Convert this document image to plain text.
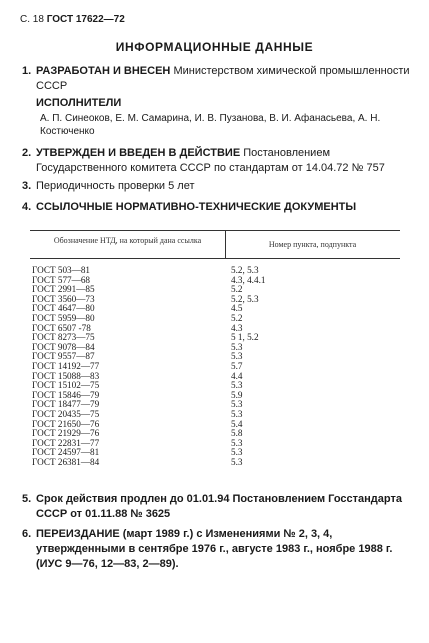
С. 18 ГОСТ 17622—72
ИНФОРМАЦИОННЫЕ ДАННЫЕ
1. РАЗРАБОТАН И ВНЕСЕН Министерством химической промышленности СССР
ИСПОЛНИТЕЛИ
А. П. Синеоков, Е. М. Самарина, И. В. Пузанова, В. И. Афанасьева, А. Н. Костюченко
2. УТВЕРЖДЕН И ВВЕДЕН В ДЕЙСТВИЕ Постановлением Государственного комитета СССР по стандартам от 14.04.72 № 757
3. Периодичность проверки 5 лет
4. ССЫЛОЧНЫЕ НОРМАТИВНО-ТЕХНИЧЕСКИЕ ДОКУМЕНТЫ
Обозначение НТД, на который дана ссылка	Номер пункта, подпункта
ГОСТ 503—81	5.2, 5.3
ГОСТ 577—68	4.3, 4.4.1
ГОСТ 2991—85	5.2
ГОСТ 3560—73	5.2, 5.3
ГОСТ 4647—80	4.5
ГОСТ 5959—80	5.2
ГОСТ 6507 -78	4.3
ГОСТ 8273—75	5 1, 5.2
ГОСТ 9078—84	5.3
ГОСТ 9557—87	5.3
ГОСТ 14192—77	5.7
ГОСТ 15088—83	4.4
ГОСТ 15102—75	5.3
ГОСТ 15846—79	5.9
ГОСТ 18477—79	5.3
ГОСТ 20435—75	5.3
ГОСТ 21650—76	5.4
ГОСТ 21929—76	5.8
ГОСТ 22831—77	5.3
ГОСТ 24597—81	5.3
ГОСТ 26381—84	5.3
5. Срок действия продлен до 01.01.94 Постановлением Госстандарта СССР от 01.11.88 № 3625
6. ПЕРЕИЗДАНИЕ (март 1989 г.) с Изменениями № 2, 3, 4, утвержденными в сентябре 1976 г., августе 1983 г., ноябре 1988 г. (ИУС 9—76, 12—83, 2—89).
